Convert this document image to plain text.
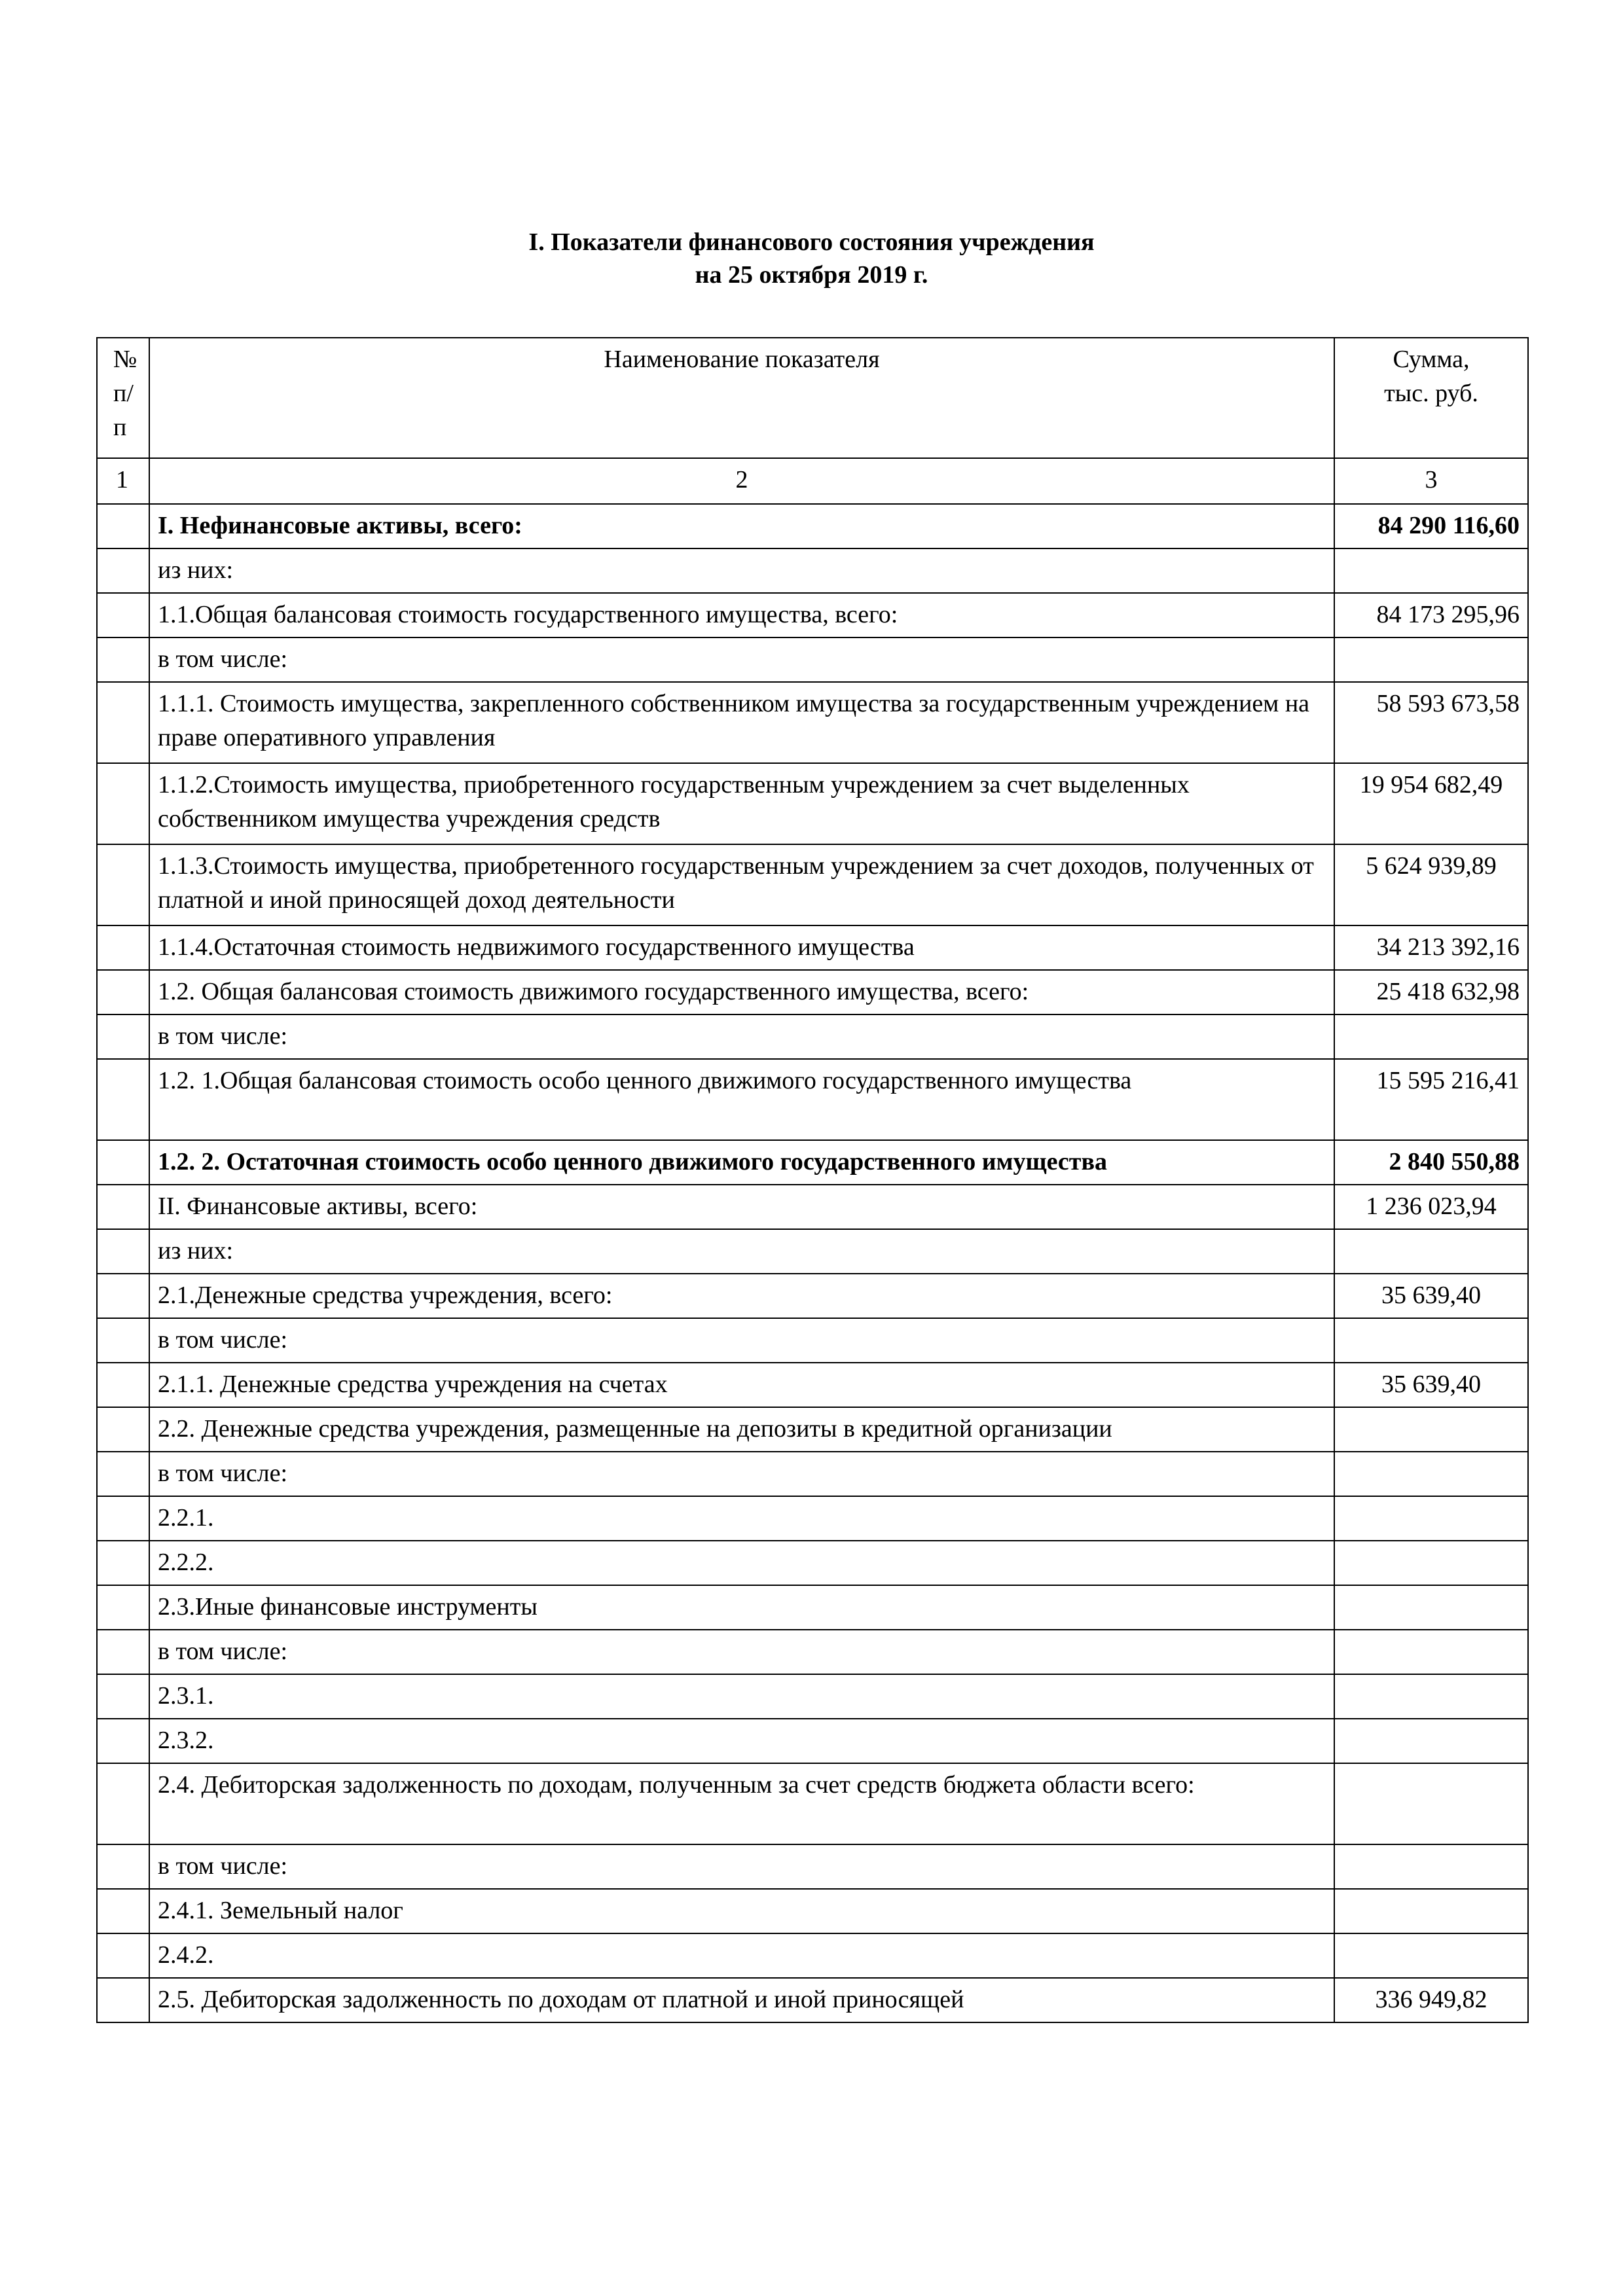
I. Показатели финансового состояния учреждения
на 25 октября 2019 г.
№ п/ п	Наименование показателя	Сумма,
тыс. руб.

1	2	3
	I. Нефинансовые активы, всего:	84 290 116,60
	из них:	
	1.1.Общая балансовая стоимость государственного имущества, всего:	84 173 295,96
	в том числе:	
	1.1.1. Стоимость имущества, закрепленного собственником имущества за государственным учреждением на праве оперативного управления	58 593 673,58
	1.1.2.Стоимость имущества, приобретенного государственным учреждением за счет выделенных собственником имущества учреждения средств	19 954 682,49
	1.1.3.Стоимость имущества, приобретенного государственным учреждением за счет доходов, полученных от платной и иной приносящей доход деятельности	5 624 939,89
	1.1.4.Остаточная стоимость недвижимого государственного имущества	34 213 392,16
	1.2. Общая балансовая стоимость движимого государственного имущества, всего:	25 418 632,98
	в том числе:	
	1.2. 1.Общая балансовая стоимость особо ценного движимого государственного имущества	15 595 216,41
	1.2. 2. Остаточная стоимость особо ценного движимого государственного имущества	2 840 550,88
	II. Финансовые активы, всего:	1 236 023,94
	из них:	
	2.1.Денежные средства учреждения, всего:	35 639,40
	в том числе:	
	2.1.1. Денежные средства учреждения на счетах	35 639,40
	2.2. Денежные средства учреждения, размещенные на депозиты в кредитной организации	
	в том числе:	
	2.2.1.	
	2.2.2.	
	2.3.Иные финансовые инструменты	
	в том числе:	
	2.3.1.	
	2.3.2.	
	2.4. Дебиторская задолженность по доходам, полученным за счет средств бюджета области всего:	
	в том числе:	
	2.4.1. Земельный налог	
	2.4.2.	
	2.5. Дебиторская задолженность по доходам от платной и иной приносящей	336 949,82
